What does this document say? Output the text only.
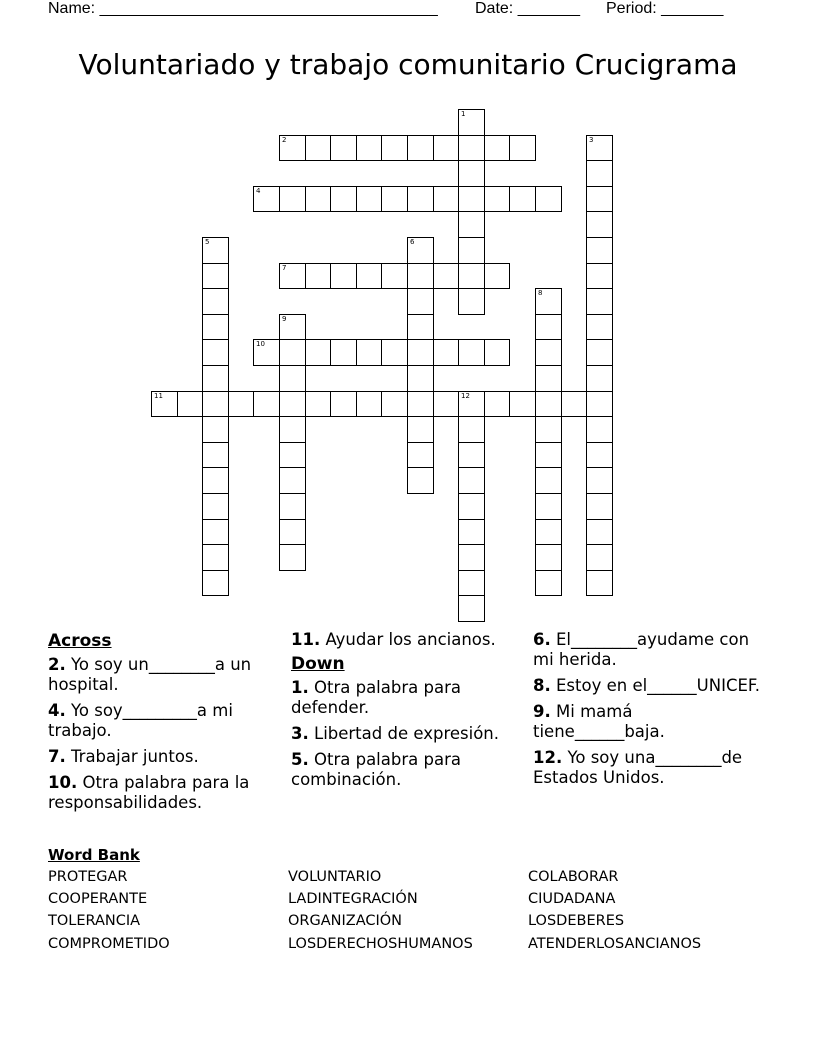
Name: ______________________________________ Date: _______ Period: _______
Voluntariado y trabajo comunitario Crucigrama
1
2	3
4
5	6
7
8
9
10
11	12
Across
2. Yo soy un________a un hospital.
4. Yo soy_________a mi trabajo.
7. Trabajar juntos.
10. Otra palabra para la responsabilidades.
11. Ayudar los ancianos.
Down
1. Otra palabra para defender.
3. Libertad de expresión.
5. Otra palabra para combinación.
6. El________ayudame con mi herida.
8. Estoy en el______UNICEF.
9. Mi mamá tiene______baja.
12. Yo soy una________de Estados Unidos.
Word Bank
PROTEGAR	VOLUNTARIO	COLABORAR
COOPERANTE	LADINTEGRACIÓN	CIUDADANA
TOLERANCIA	ORGANIZACIÓN	LOSDEBERES
COMPROMETIDO	LOSDERECHOSHUMANOS	ATENDERLOSANCIANOS
